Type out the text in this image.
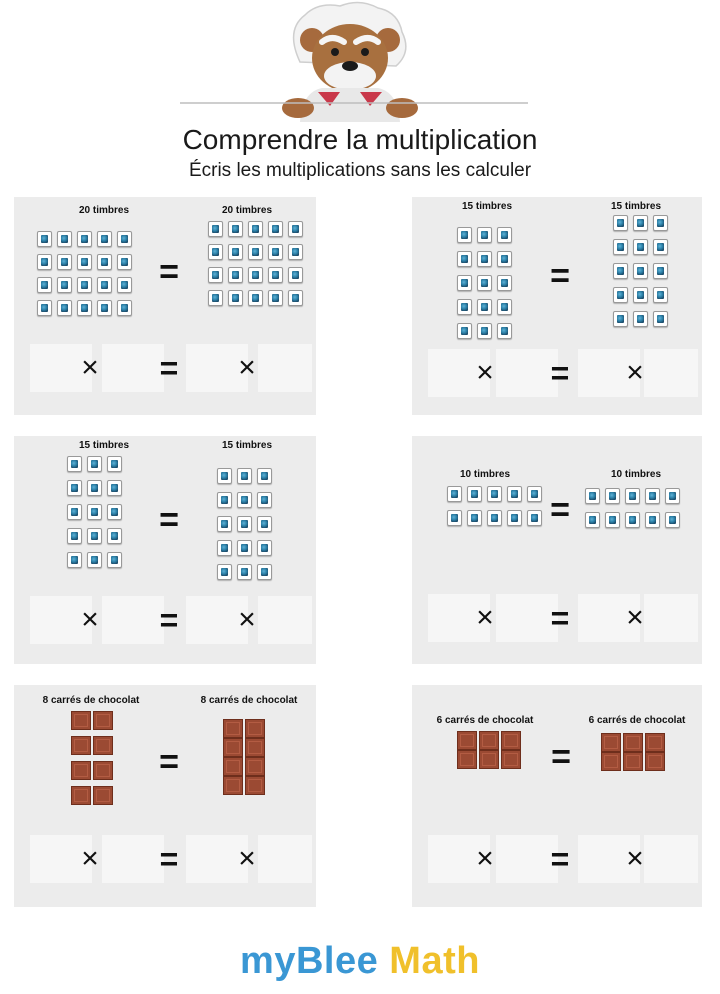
Comprendre la multiplication
Écris les multiplications sans les calculer
20 timbres	20 timbres
=
× = ×
15 timbres	15 timbres
=
× = ×
15 timbres	15 timbres
=
× = ×
10 timbres	10 timbres
=
× = ×
8 carrés de chocolat	8 carrés de chocolat
=
× = ×
6 carrés de chocolat	6 carrés de chocolat
=
× = ×
myBlee Math
